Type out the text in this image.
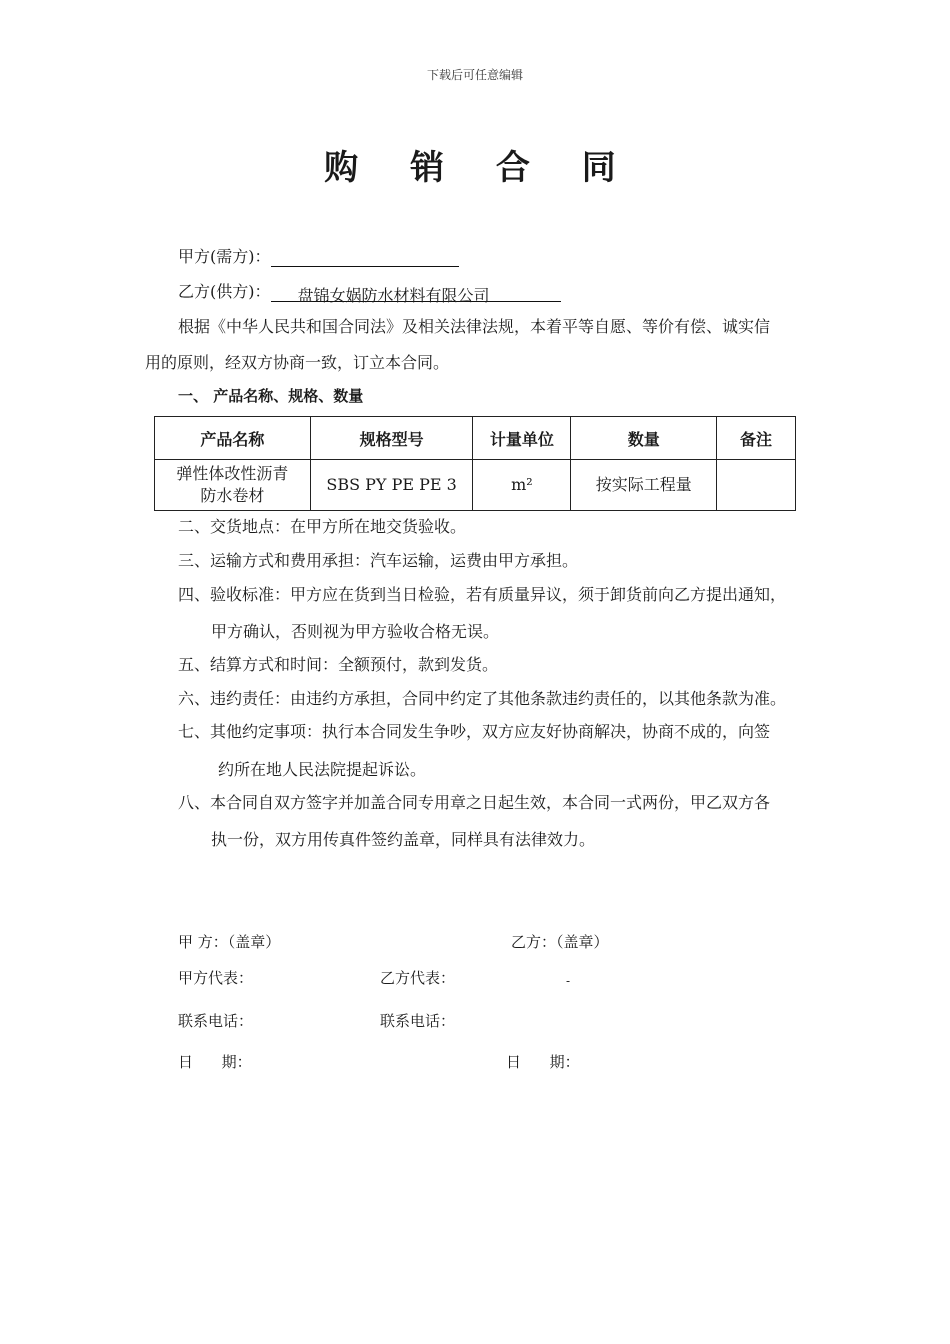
下载后可任意编辑
购 销 合 同
甲方(需方)：
乙方(供方)： 盘锦女娲防水材料有限公司
根据《中华人民共和国合同法》及相关法律法规，本着平等自愿、等价有偿、诚实信
用的原则，经双方协商一致，订立本合同。
一、 产品名称、规格、数量
产品名称	规格型号	计量单位	数量	备注

弹性体改性沥青
防水卷材	SBS PY PE PE 3	m²	按实际工程量	
二、交货地点：在甲方所在地交货验收。
三、运输方式和费用承担：汽车运输，运费由甲方承担。
四、验收标准：甲方应在货到当日检验，若有质量异议，须于卸货前向乙方提出通知，
甲方确认，否则视为甲方验收合格无误。
五、结算方式和时间：全额预付，款到发货。
六、违约责任：由违约方承担，合同中约定了其他条款违约责任的，以其他条款为准。
七、其他约定事项：执行本合同发生争吵，双方应友好协商解决，协商不成的，向签
约所在地人民法院提起诉讼。
八、本合同自双方签字并加盖合同专用章之日起生效，本合同一式两份，甲乙双方各
执一份，双方用传真件签约盖章，同样具有法律效力。
甲 方：（盖章）	乙方：（盖章）
甲方代表：	乙方代表：	-
联系电话：	联系电话：
日      期：	日      期：
